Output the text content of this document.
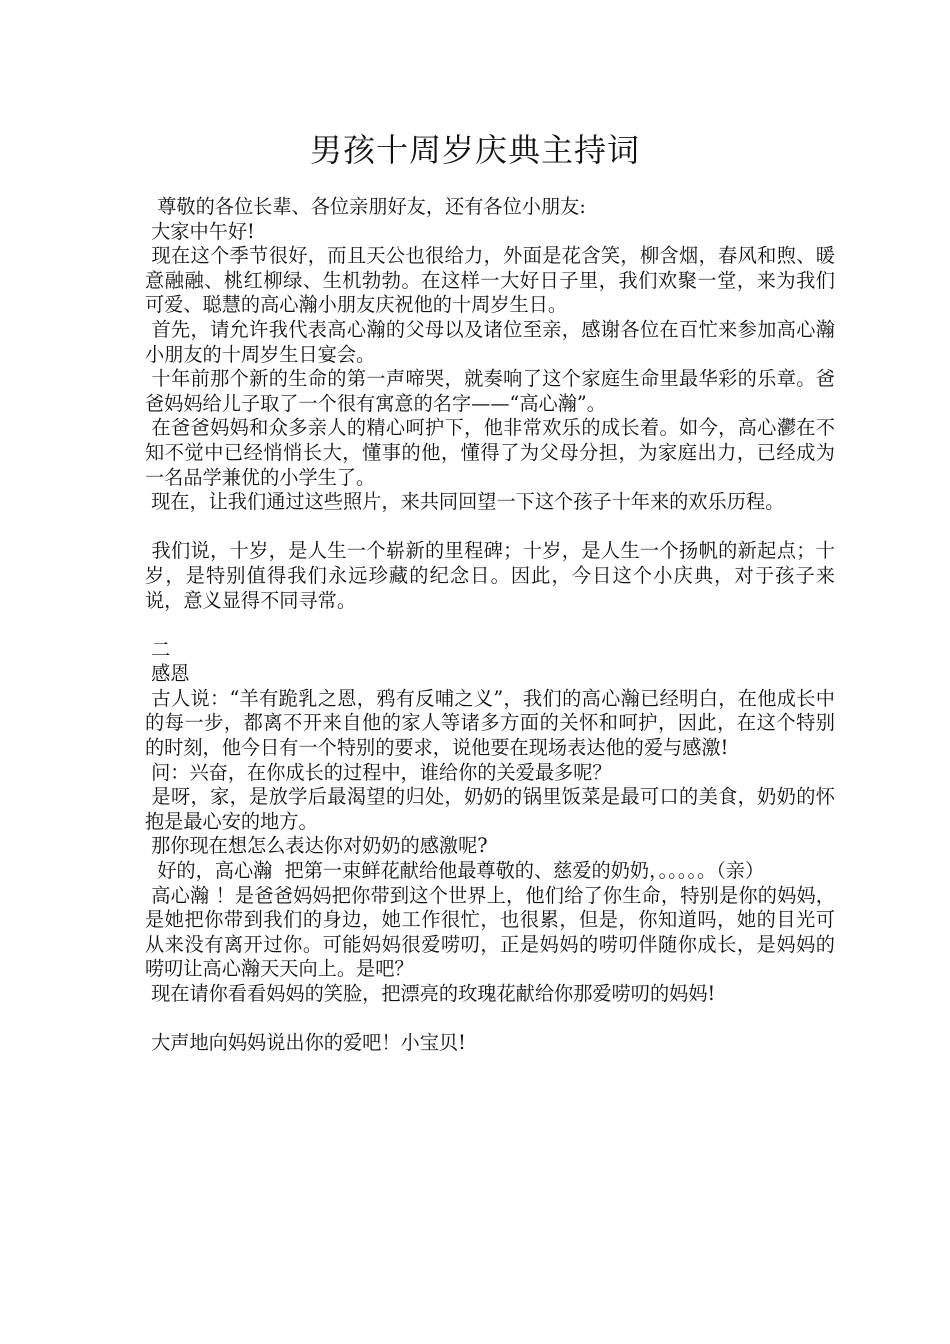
男孩十周岁庆典主持词

尊敬的各位长辈、各位亲朋好友，还有各位小朋友:

大家中午好!

现在这个季节很好，而且天公也很给力，外面是花含笑，柳含烟，春风和煦、暖意融融、桃红柳绿、生机勃勃。在这样一大好日子里，我们欢聚一堂，来为我们可爱、聪慧的高心瀚小朋友庆祝他的十周岁生日。

首先，请允许我代表高心瀚的父母以及诸位至亲，感谢各位在百忙来参加高心瀚小朋友的十周岁生日宴会。

十年前那个新的生命的第一声啼哭，就奏响了这个家庭生命里最华彩的乐章。爸爸妈妈给儿子取了一个很有寓意的名字——“高心瀚”。

在爸爸妈妈和众多亲人的精心呵护下，他非常欢乐的成长着。如今，高心灪在不知不觉中已经悄悄长大，懂事的他，懂得了为父母分担，为家庭出力，已经成为一名品学兼优的小学生了。

现在，让我们通过这些照片，来共同回望一下这个孩子十年来的欢乐历程。

我们说，十岁，是人生一个崭新的里程碑；十岁，是人生一个扬帆的新起点；十岁，是特别值得我们永远珍藏的纪念日。因此，今日这个小庆典，对于孩子来说，意义显得不同寻常。

二

感恩

古人说：“羊有跪乳之恩，鸦有反哺之义”，我们的高心瀚已经明白，在他成长中的每一步，都离不开来自他的家人等诸多方面的关怀和呵护，因此，在这个特别的时刻，他今日有一个特别的要求，说他要在现场表达他的爱与感激!

问：兴奋，在你成长的过程中，谁给你的关爱最多呢？

是呀，家，是放学后最渴望的归处，奶奶的锅里饭菜是最可口的美食，奶奶的怀抱是最心安的地方。

那你现在想怎么表达你对奶奶的感激呢?

好的，高心瀚  把第一束鲜花献给他最尊敬的、慈爱的奶奶，。。。。。（亲）

高心瀚 ！是爸爸妈妈把你带到这个世界上，他们给了你生命，特别是你的妈妈，是她把你带到我们的身边，她工作很忙，也很累，但是，你知道吗，她的目光可从来没有离开过你。可能妈妈很爱唠叨，正是妈妈的唠叨伴随你成长，是妈妈的唠叨让高心瀚天天向上。是吧？

现在请你看看妈妈的笑脸，把漂亮的玫瑰花献给你那爱唠叨的妈妈!

大声地向妈妈说出你的爱吧！小宝贝!
